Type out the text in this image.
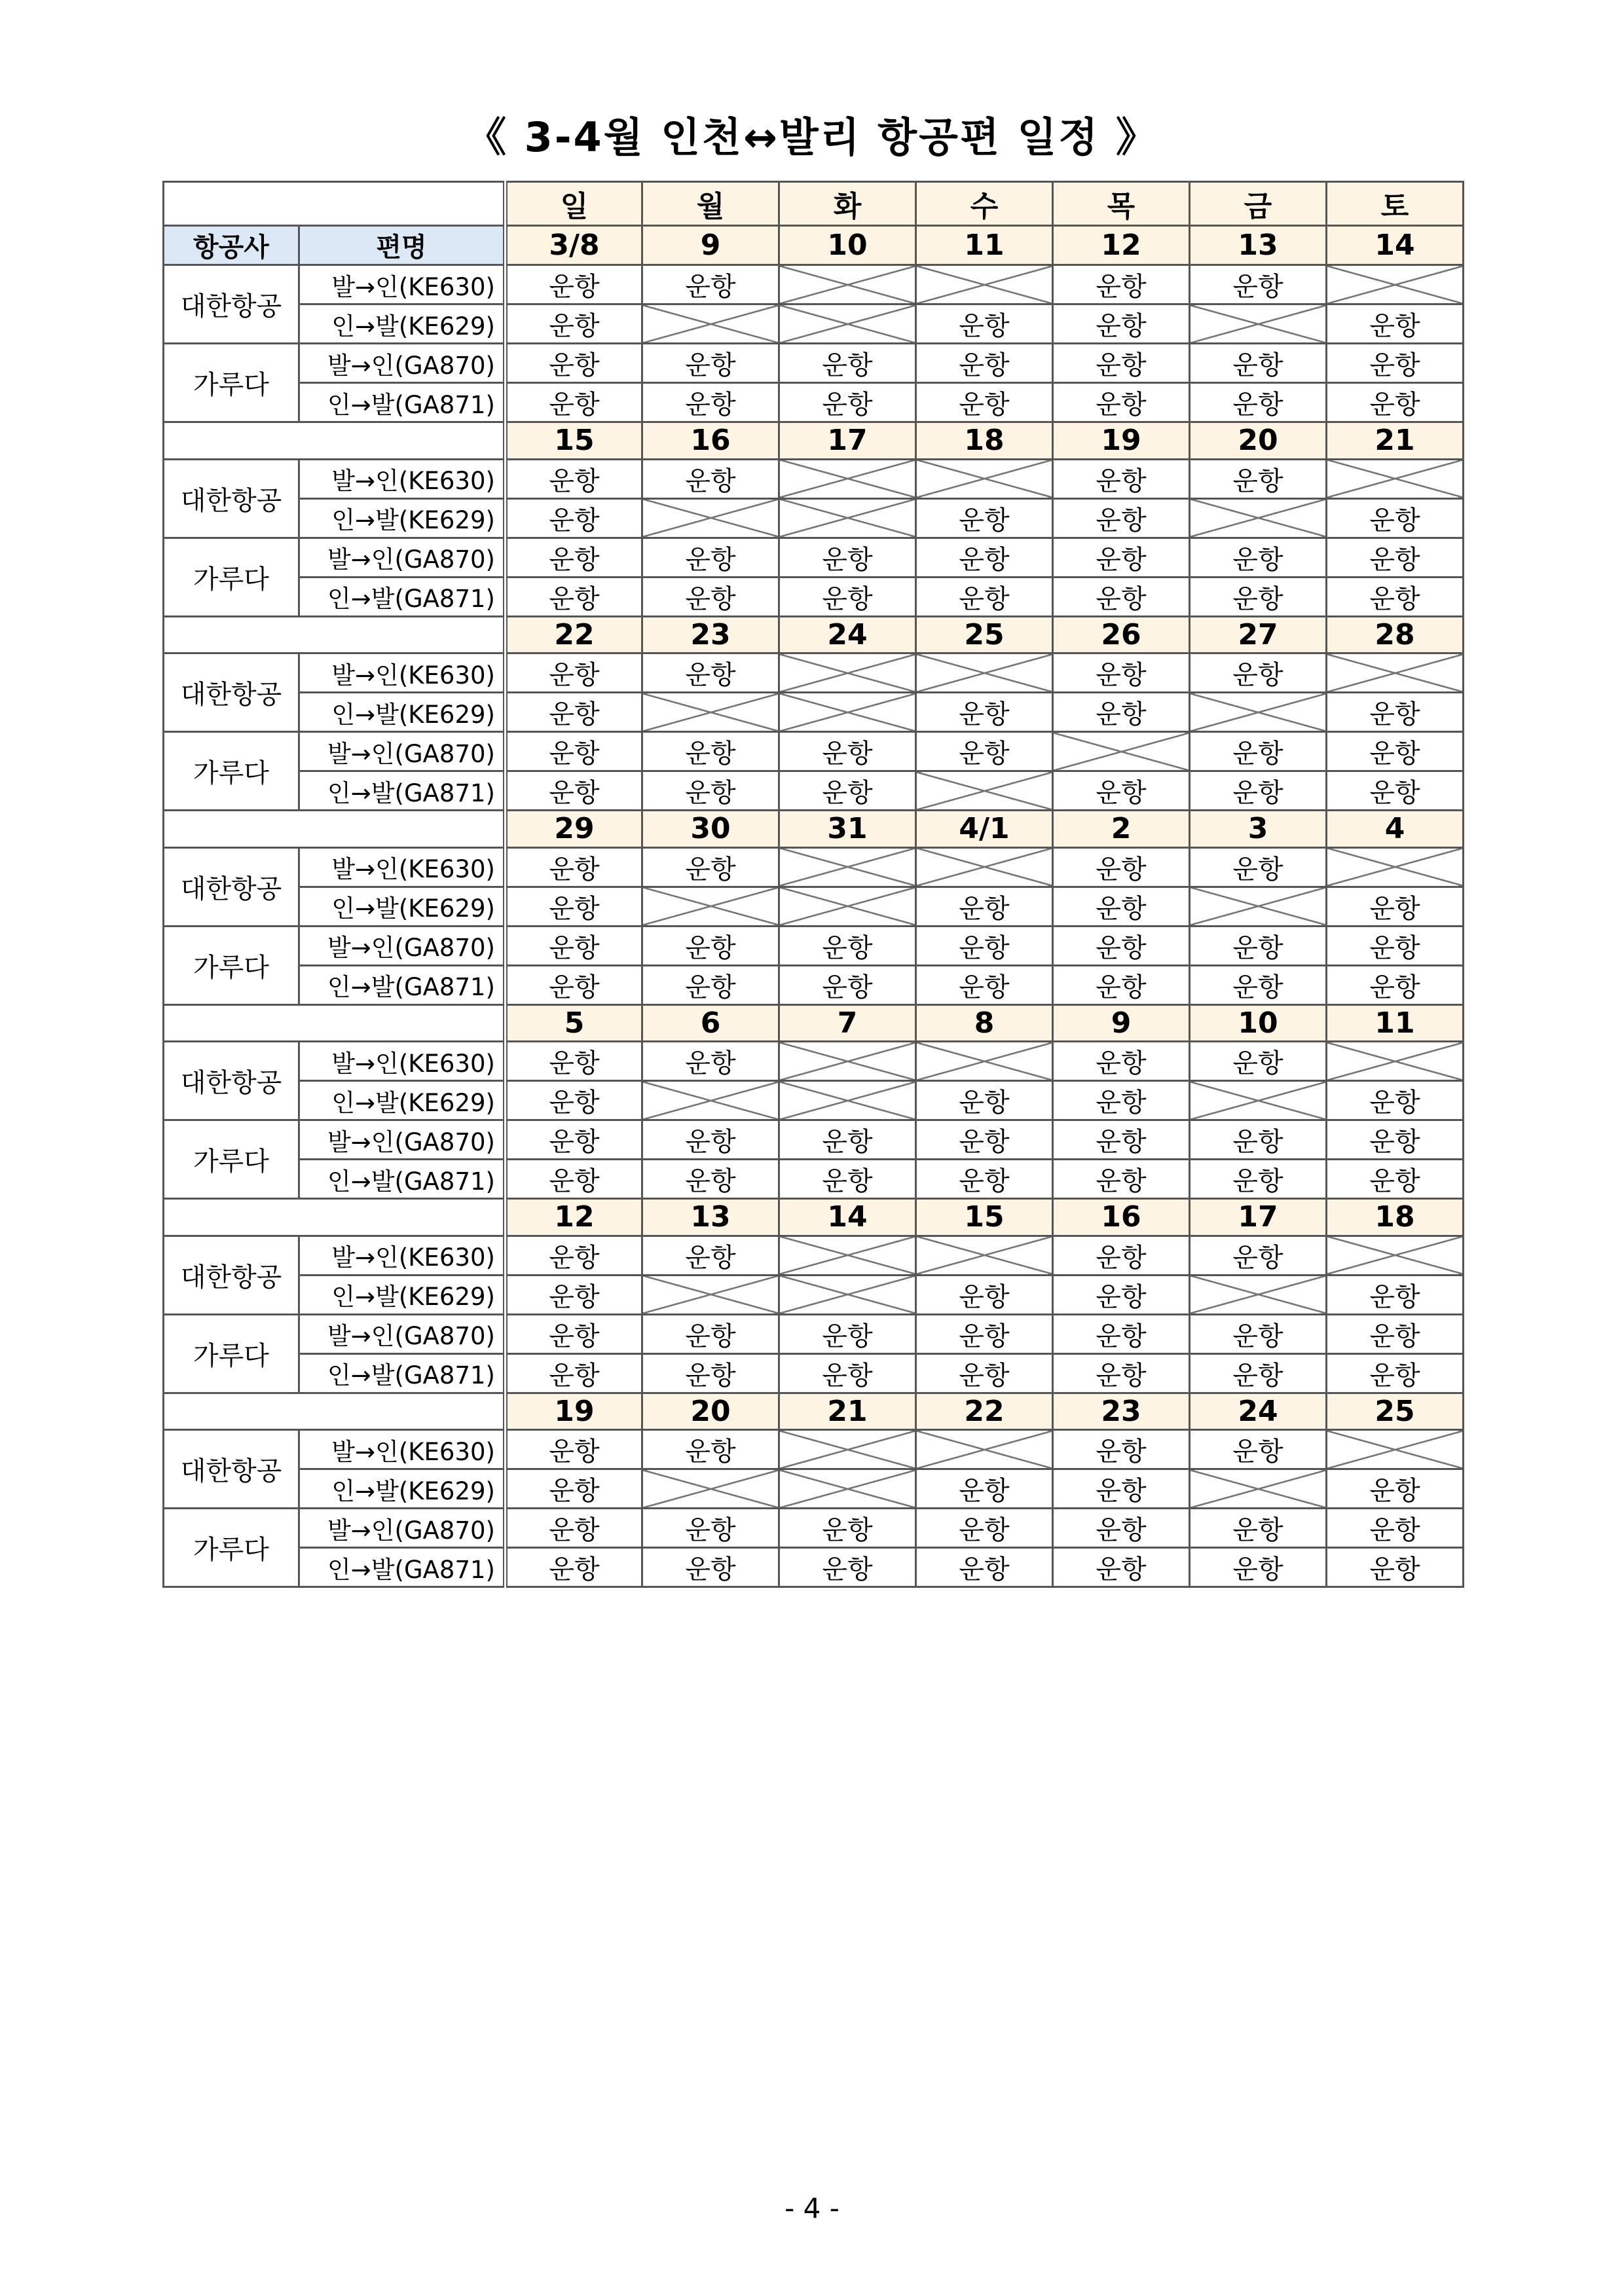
《 3-4월 인천↔발리 항공편 일정 》
		일	월	화	수	목	금	토
항공사	편명	3/8	9	10	11	12	13	14
대한항공	발→인(KE630)	운항	운항			운항	운항	
	인→발(KE629)	운항			운항	운항		운항
가루다	발→인(GA870)	운항	운항	운항	운항	운항	운항	운항
	인→발(GA871)	운항	운항	운항	운항	운항	운항	운항
		15	16	17	18	19	20	21
대한항공	발→인(KE630)	운항	운항			운항	운항	
	인→발(KE629)	운항			운항	운항		운항
가루다	발→인(GA870)	운항	운항	운항	운항	운항	운항	운항
	인→발(GA871)	운항	운항	운항	운항	운항	운항	운항
		22	23	24	25	26	27	28
대한항공	발→인(KE630)	운항	운항			운항	운항	
	인→발(KE629)	운항			운항	운항		운항
가루다	발→인(GA870)	운항	운항	운항	운항		운항	운항
	인→발(GA871)	운항	운항	운항		운항	운항	운항
		29	30	31	4/1	2	3	4
대한항공	발→인(KE630)	운항	운항			운항	운항	
	인→발(KE629)	운항			운항	운항		운항
가루다	발→인(GA870)	운항	운항	운항	운항	운항	운항	운항
	인→발(GA871)	운항	운항	운항	운항	운항	운항	운항
		5	6	7	8	9	10	11
대한항공	발→인(KE630)	운항	운항			운항	운항	
	인→발(KE629)	운항			운항	운항		운항
가루다	발→인(GA870)	운항	운항	운항	운항	운항	운항	운항
	인→발(GA871)	운항	운항	운항	운항	운항	운항	운항
		12	13	14	15	16	17	18
대한항공	발→인(KE630)	운항	운항			운항	운항	
	인→발(KE629)	운항			운항	운항		운항
가루다	발→인(GA870)	운항	운항	운항	운항	운항	운항	운항
	인→발(GA871)	운항	운항	운항	운항	운항	운항	운항
		19	20	21	22	23	24	25
대한항공	발→인(KE630)	운항	운항			운항	운항	
	인→발(KE629)	운항			운항	운항		운항
가루다	발→인(GA870)	운항	운항	운항	운항	운항	운항	운항
	인→발(GA871)	운항	운항	운항	운항	운항	운항	운항
- 4 -
